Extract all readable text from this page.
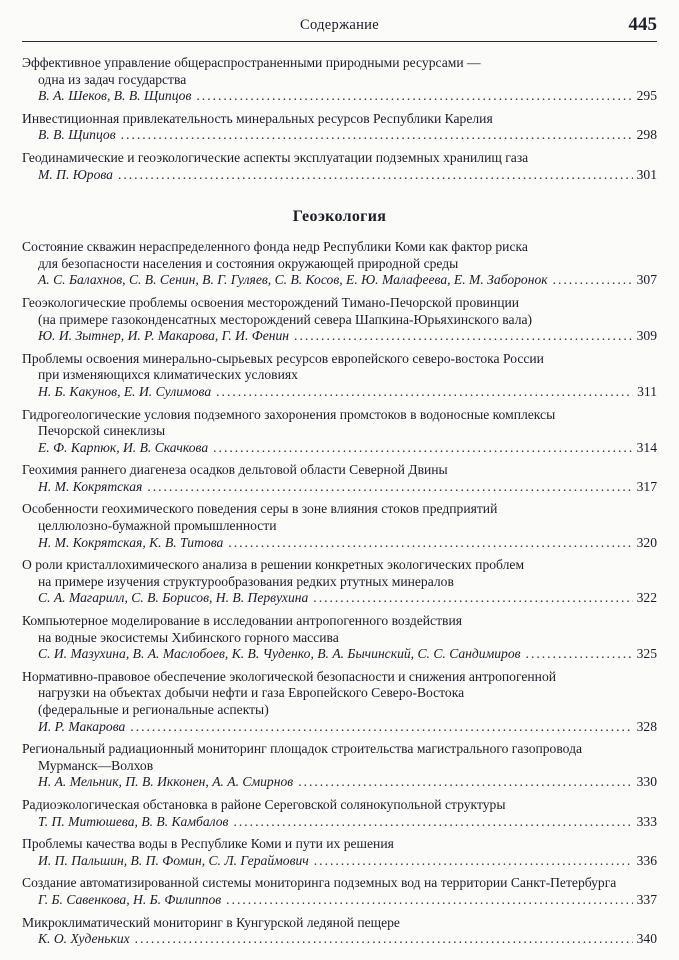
Содержание	445
Эффективное управление общераспространенными природными ресурсами —
одна из задач государства
В. А. Шеков, В. В. Щипцов .....	295
Инвестиционная привлекательность минеральных ресурсов Республики Карелия
В. В. Щипцов .....	298
Геодинамические и геоэкологические аспекты эксплуатации подземных хранилищ газа
М. П. Юрова .....	301
Геоэкология
Состояние скважин нераспределенного фонда недр Республики Коми как фактор риска
для безопасности населения и состояния окружающей природной среды
А. С. Балахнов, С. В. Сенин, В. Г. Гуляев, С. В. Косов, Е. Ю. Малафеева, Е. М. Заборонок .....	307
Геоэкологические проблемы освоения месторождений Тимано-Печорской провинции
(на примере газоконденсатных месторождений севера Шапкина-Юрьяхинского вала)
Ю. И. Зытнер, И. Р. Макарова, Г. И. Фенин .....	309
Проблемы освоения минерально-сырьевых ресурсов европейского северо-востока России
при изменяющихся климатических условиях
Н. Б. Какунов, Е. И. Сулимова .....	311
Гидрогеологические условия подземного захоронения промстоков в водоносные комплексы
Печорской синеклизы
Е. Ф. Карпюк, И. В. Скачкова .....	314
Геохимия раннего диагенеза осадков дельтовой области Северной Двины
Н. М. Кокрятская .....	317
Особенности геохимического поведения серы в зоне влияния стоков предприятий
целлюлозно-бумажной промышленности
Н. М. Кокрятская, К. В. Титова .....	320
О роли кристаллохимического анализа в решении конкретных экологических проблем
на примере изучения структурообразования редких ртутных минералов
С. А. Магарилл, С. В. Борисов, Н. В. Первухина .....	322
Компьютерное моделирование в исследовании антропогенного воздействия
на водные экосистемы Хибинского горного массива
С. И. Мазухина, В. А. Маслобоев, К. В. Чуденко, В. А. Бычинский, С. С. Сандимиров .....	325
Нормативно-правовое обеспечение экологической безопасности и снижения антропогенной
нагрузки на объектах добычи нефти и газа Европейского Северо-Востока
(федеральные и региональные аспекты)
И. Р. Макарова .....	328
Региональный радиационный мониторинг площадок строительства магистрального газопровода
Мурманск—Волхов
Н. А. Мельник, П. В. Икконен, А. А. Смирнов .....	330
Радиоэкологическая обстановка в районе Сереговской солянокупольной структуры
Т. П. Митюшева, В. В. Камбалов .....	333
Проблемы качества воды в Республике Коми и пути их решения
И. П. Пальшин, В. П. Фомин, С. Л. Гераймович .....	336
Создание автоматизированной системы мониторинга подземных вод на территории Санкт-Петербурга
Г. Б. Савенкова, Н. Б. Филиппов .....	337
Микроклиматический мониторинг в Кунгурской ледяной пещере
К. О. Худеньких .....	340
